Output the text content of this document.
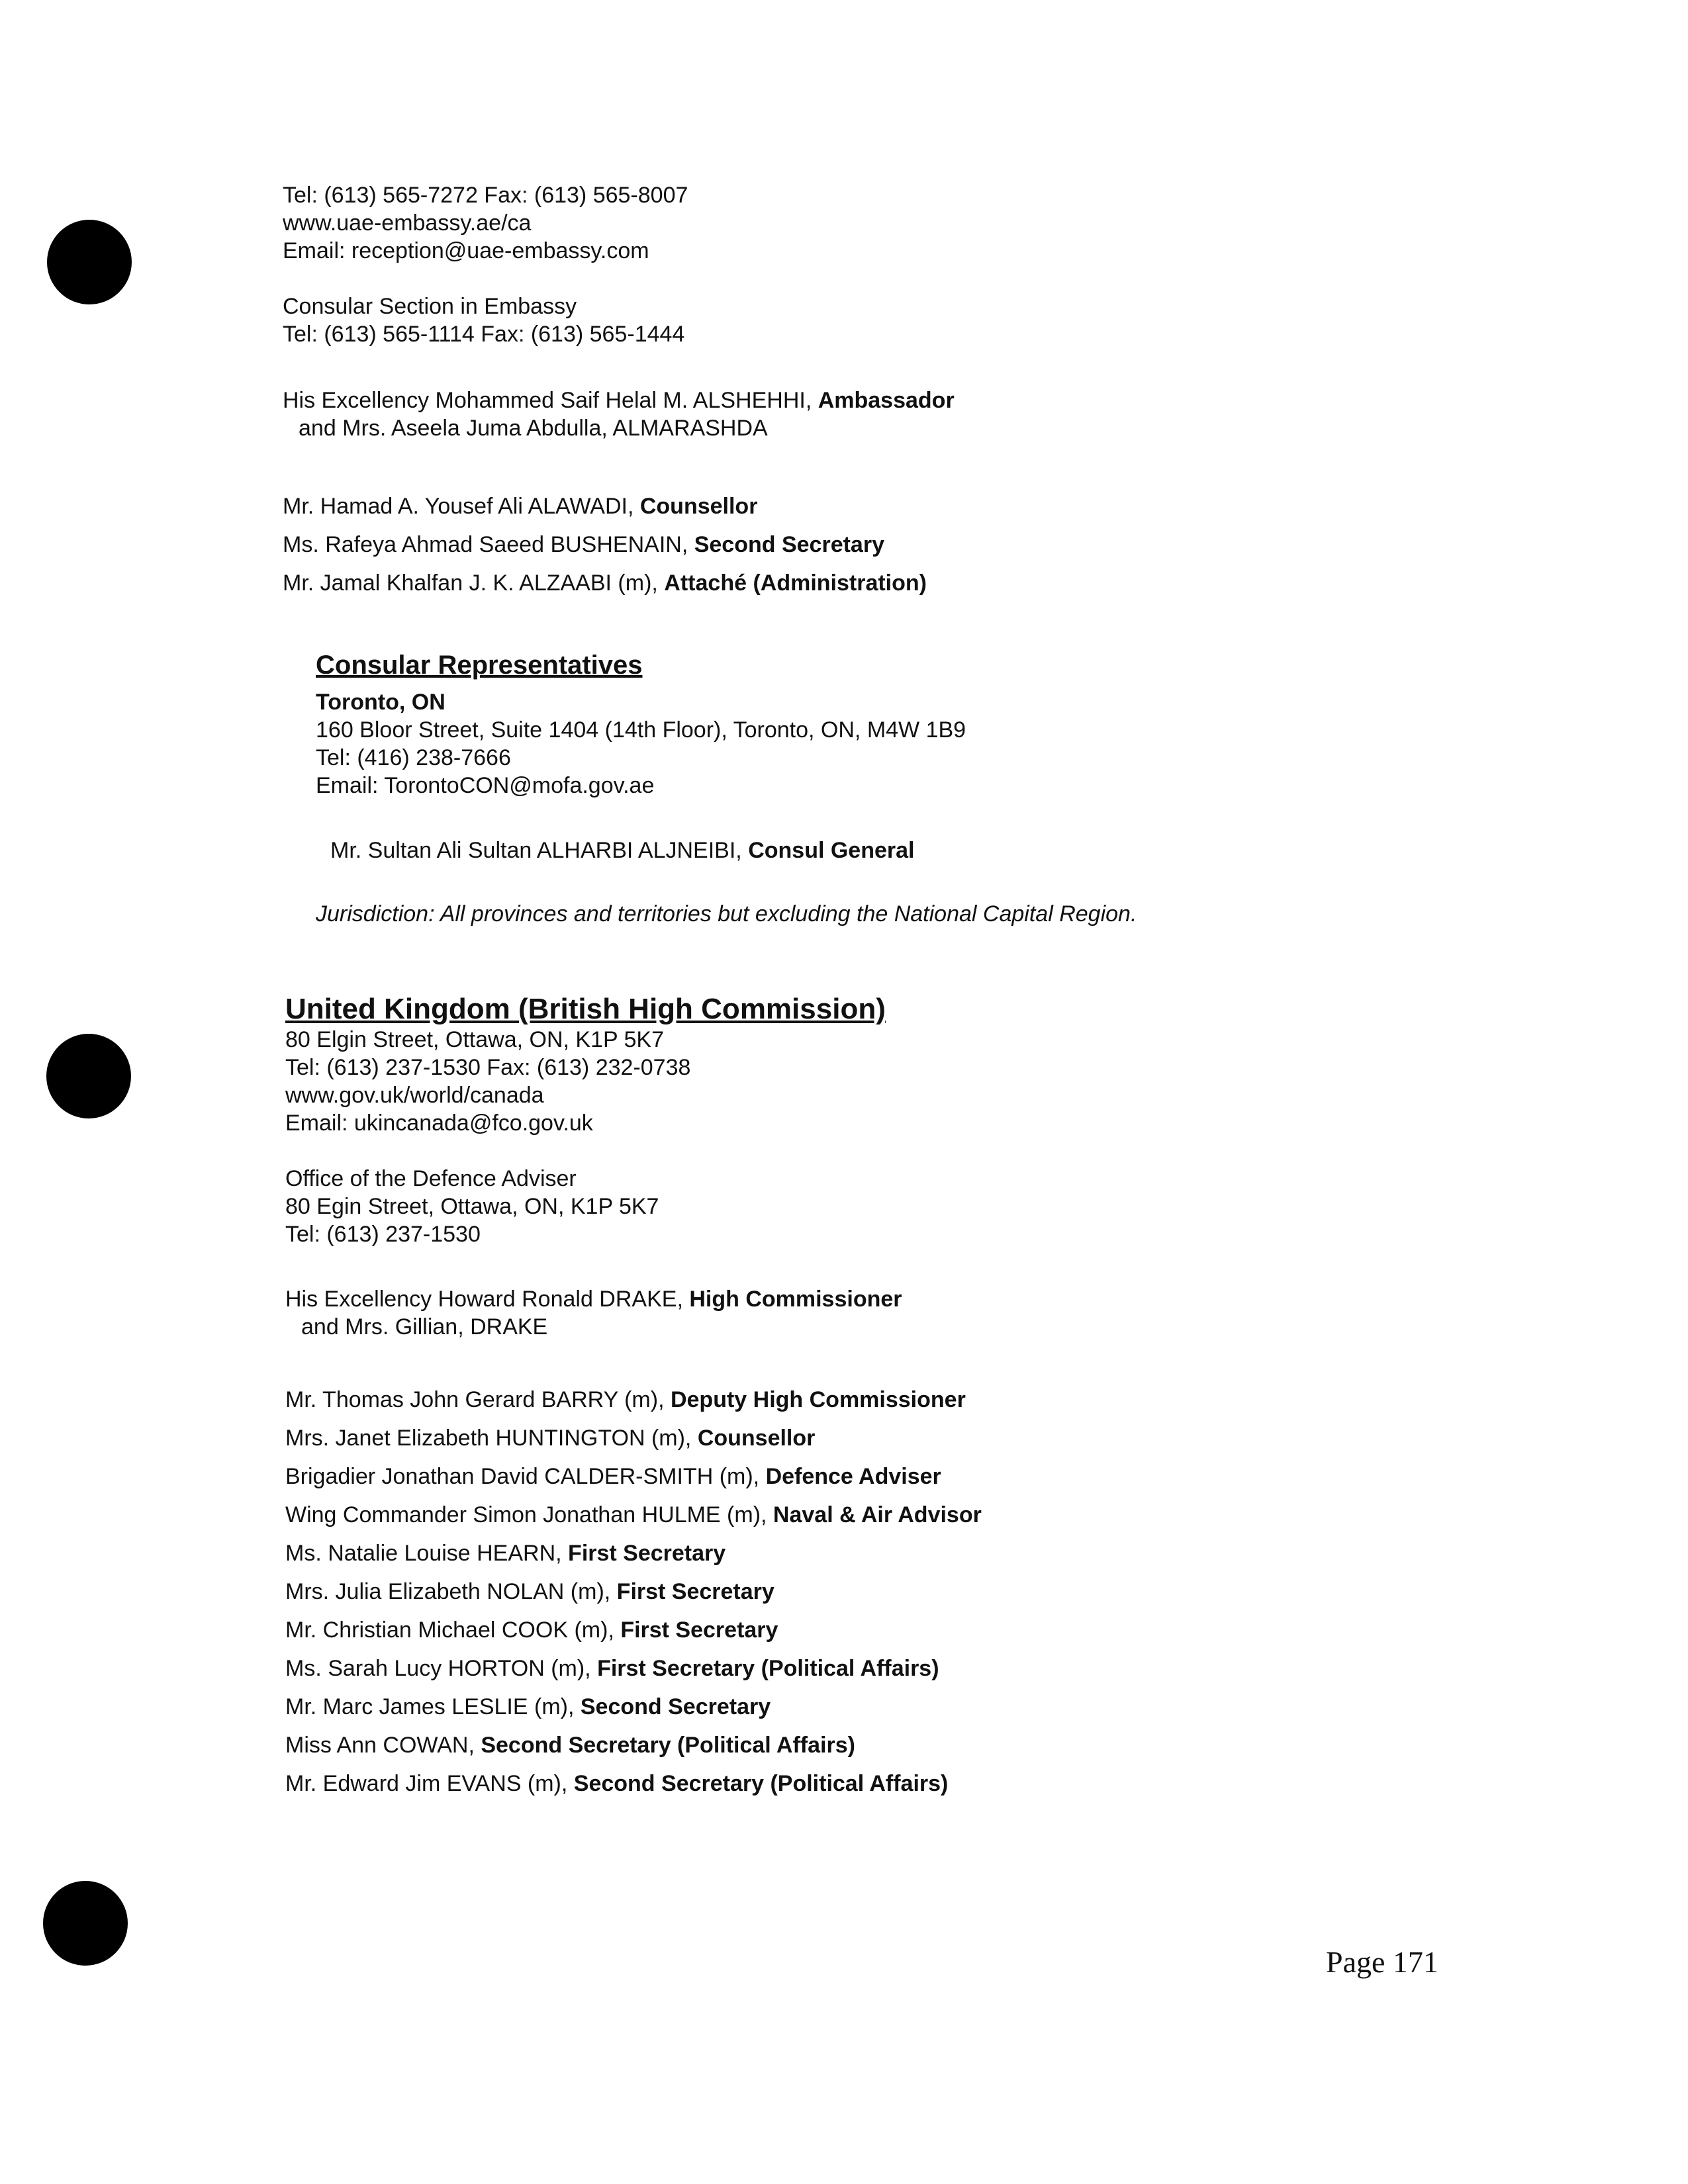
Tel: (613) 565-7272 Fax: (613) 565-8007
www.uae-embassy.ae/ca
Email: reception@uae-embassy.com
Consular Section in Embassy
Tel: (613) 565-1114 Fax: (613) 565-1444
His Excellency Mohammed Saif Helal M. ALSHEHHI, Ambassador
and Mrs. Aseela Juma Abdulla, ALMARASHDA
Mr. Hamad A. Yousef Ali ALAWADI, Counsellor
Ms. Rafeya Ahmad Saeed BUSHENAIN, Second Secretary
Mr. Jamal Khalfan J. K. ALZAABI (m), Attaché (Administration)
Consular Representatives
Toronto, ON
160 Bloor Street, Suite 1404 (14th Floor), Toronto, ON, M4W 1B9
Tel: (416) 238-7666
Email: TorontoCON@mofa.gov.ae
Mr. Sultan Ali Sultan ALHARBI ALJNEIBI, Consul General
Jurisdiction: All provinces and territories but excluding the National Capital Region.
United Kingdom (British High Commission)
80 Elgin Street, Ottawa, ON, K1P 5K7
Tel: (613) 237-1530 Fax: (613) 232-0738
www.gov.uk/world/canada
Email: ukincanada@fco.gov.uk
Office of the Defence Adviser
80 Egin Street, Ottawa, ON, K1P 5K7
Tel: (613) 237-1530
His Excellency Howard Ronald DRAKE, High Commissioner
and Mrs. Gillian, DRAKE
Mr. Thomas John Gerard BARRY (m), Deputy High Commissioner
Mrs. Janet Elizabeth HUNTINGTON (m), Counsellor
Brigadier Jonathan David CALDER-SMITH (m), Defence Adviser
Wing Commander Simon Jonathan HULME (m), Naval & Air Advisor
Ms. Natalie Louise HEARN, First Secretary
Mrs. Julia Elizabeth NOLAN (m), First Secretary
Mr. Christian Michael COOK (m), First Secretary
Ms. Sarah Lucy HORTON (m), First Secretary (Political Affairs)
Mr. Marc James LESLIE (m), Second Secretary
Miss Ann COWAN, Second Secretary (Political Affairs)
Mr. Edward Jim EVANS (m), Second Secretary (Political Affairs)
Page 171
